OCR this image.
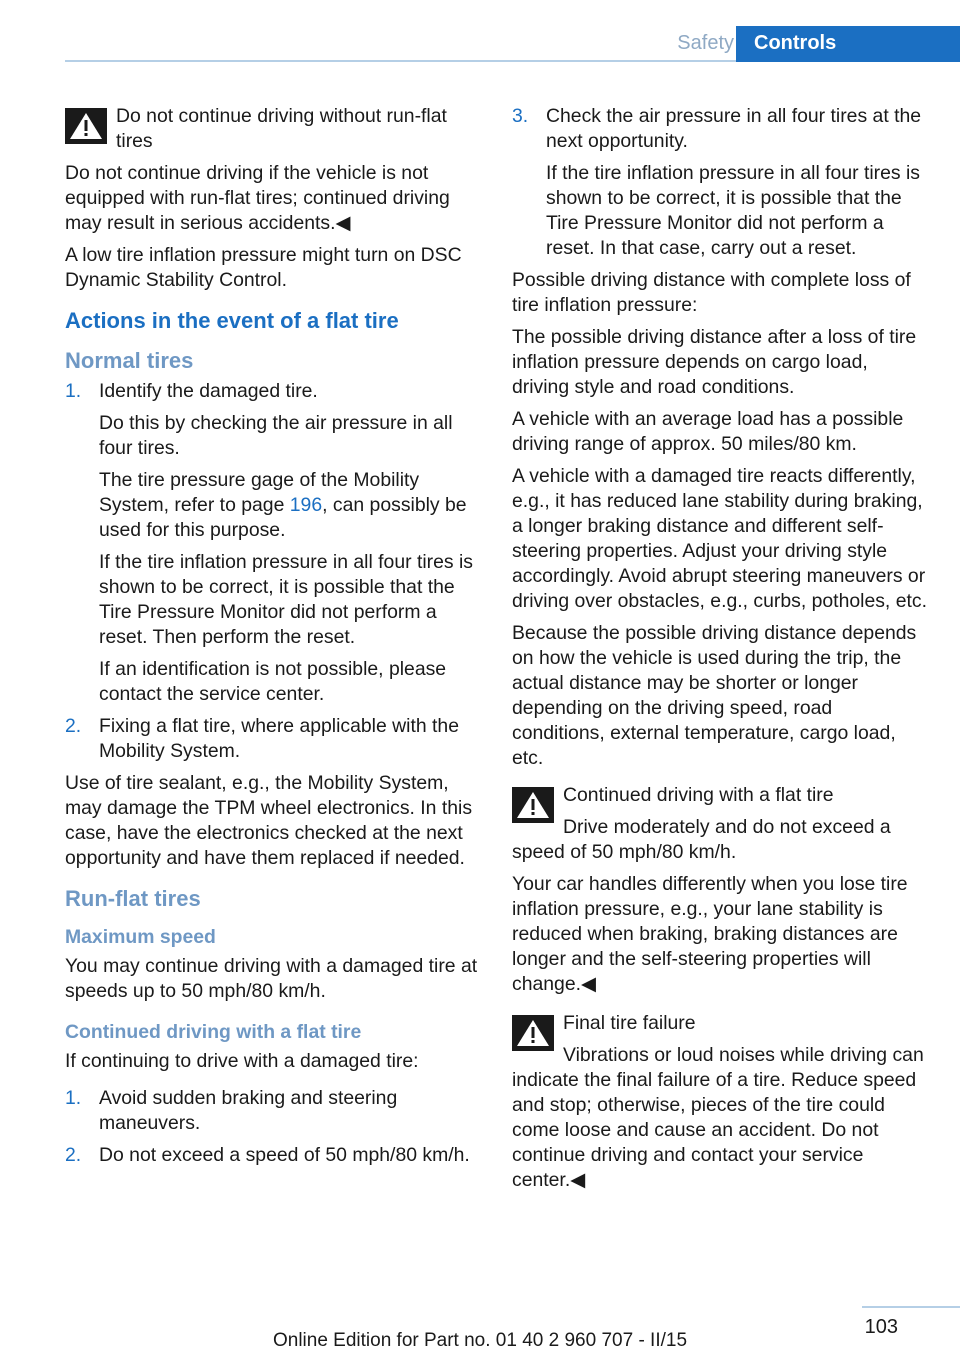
Safety	Controls
Do not continue driving without run-flat tires

Do not continue driving if the vehicle is not equipped with run-flat tires; continued driving may result in serious accidents.◀

A low tire inflation pressure might turn on DSC Dynamic Stability Control.

Actions in the event of a flat tire
Normal tires
1. Identify the damaged tire.

Do this by checking the air pressure in all four tires.

The tire pressure gage of the Mobility System, refer to page 196, can possibly be used for this purpose.

If the tire inflation pressure in all four tires is shown to be correct, it is possible that the Tire Pressure Monitor did not perform a reset. Then perform the reset.

If an identification is not possible, please contact the service center.

2. Fixing a flat tire, where applicable with the Mobility System.

Use of tire sealant, e.g., the Mobility System, may damage the TPM wheel electronics. In this case, have the electronics checked at the next opportunity and have them replaced if needed.

Run-flat tires
Maximum speed

You may continue driving with a damaged tire at speeds up to 50 mph/80 km/h.

Continued driving with a flat tire

If continuing to drive with a damaged tire:

1. Avoid sudden braking and steering maneuvers.

2. Do not exceed a speed of 50 mph/80 km/h.

3. Check the air pressure in all four tires at the next opportunity.

If the tire inflation pressure in all four tires is shown to be correct, it is possible that the Tire Pressure Monitor did not perform a reset. In that case, carry out a reset.

Possible driving distance with complete loss of tire inflation pressure:

The possible driving distance after a loss of tire inflation pressure depends on cargo load, driving style and road conditions.

A vehicle with an average load has a possible driving range of approx. 50 miles/80 km.

A vehicle with a damaged tire reacts differently, e.g., it has reduced lane stability during braking, a longer braking distance and different self-steering properties. Adjust your driving style accordingly. Avoid abrupt steering maneuvers or driving over obstacles, e.g., curbs, potholes, etc.

Because the possible driving distance depends on how the vehicle is used during the trip, the actual distance may be shorter or longer depending on the driving speed, road conditions, external temperature, cargo load, etc.

Continued driving with a flat tire

Drive moderately and do not exceed a speed of 50 mph/80 km/h.

Your car handles differently when you lose tire inflation pressure, e.g., your lane stability is reduced when braking, braking distances are longer and the self-steering properties will change.◀

Final tire failure

Vibrations or loud noises while driving can indicate the final failure of a tire. Reduce speed and stop; otherwise, pieces of the tire could come loose and cause an accident. Do not continue driving and contact your service center.◀

103
Online Edition for Part no. 01 40 2 960 707 - II/15
